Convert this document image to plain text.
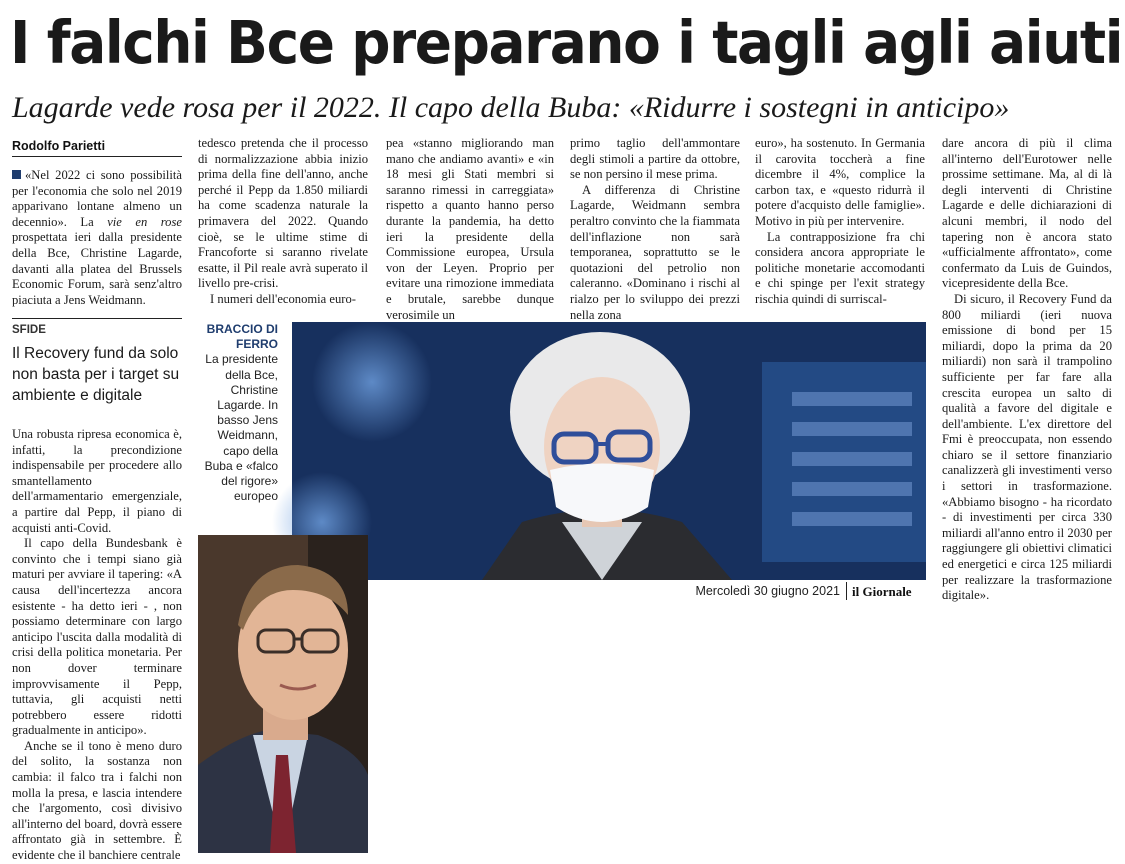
I falchi Bce preparano i tagli agli aiuti
Lagarde vede rosa per il 2022. Il capo della Buba: «Ridurre i sostegni in anticipo»
Rodolfo Parietti

«Nel 2022 ci sono possibilità per l'economia che solo nel 2019 apparivano lontane almeno un decennio». La vie en rose prospettata ieri dalla presidente della Bce, Christine Lagarde, davanti alla platea del Brussels Economic Forum, sarà senz'altro piaciuta a Jens Weidmann.

SFIDE
Il Recovery fund da solo non basta per i target su ambiente e digitale

Una robusta ripresa economica è, infatti, la precondizione indispensabile per procedere allo smantellamento dell'armamentario emergenziale, a partire dal Pepp, il piano di acquisti anti-Covid.

Il capo della Bundesbank è convinto che i tempi siano già maturi per avviare il tapering: «A causa dell'incertezza ancora esistente - ha detto ieri - , non possiamo determinare con largo anticipo l'uscita dalla modalità di crisi della politica monetaria. Per non dover terminare improvvisamente il Pepp, tuttavia, gli acquisti netti potrebbero essere ridotti gradualmente in anticipo».

Anche se il tono è meno duro del solito, la sostanza non cambia: il falco tra i falchi non molla la presa, e lascia intendere che l'argomento, così divisivo all'interno del board, dovrà essere affrontato già in settembre. È evidente che il banchiere centrale

tedesco pretenda che il processo di normalizzazione abbia inizio prima della fine dell'anno, anche perché il Pepp da 1.850 miliardi ha come scadenza naturale la primavera del 2022. Quando cioè, se le ultime stime di Francoforte si saranno rivelate esatte, il Pil reale avrà superato il livello pre-crisi.

I numeri dell'economia euro-

pea «stanno migliorando man mano che andiamo avanti» e «in 18 mesi gli Stati membri si saranno rimessi in carreggiata» rispetto a quanto hanno perso durante la pandemia, ha detto ieri la presidente della Commissione europea, Ursula von der Leyen. Proprio per evitare una rimozione immediata e brutale, sarebbe dunque verosimile un

primo taglio dell'ammontare degli stimoli a partire da ottobre, se non persino il mese prima.

A differenza di Christine Lagarde, Weidmann sembra peraltro convinto che la fiammata dell'inflazione non sarà temporanea, soprattutto se le quotazioni del petrolio non caleranno. «Dominano i rischi al rialzo per lo sviluppo dei prezzi nella zona

euro», ha sostenuto. In Germania il carovita toccherà a fine dicembre il 4%, complice la carbon tax, e «questo ridurrà il potere d'acquisto delle famiglie». Motivo in più per intervenire.

La contrapposizione fra chi considera ancora appropriate le politiche monetarie accomodanti e chi spinge per l'exit strategy rischia quindi di surriscal-

dare ancora di più il clima all'interno dell'Eurotower nelle prossime settimane. Ma, al di là degli interventi di Christine Lagarde e delle dichiarazioni di alcuni membri, il nodo del tapering non è ancora stato «ufficialmente affrontato», come confermato da Luis de Guindos, vicepresidente della Bce.

Di sicuro, il Recovery Fund da 800 miliardi (ieri nuova emissione di bond per 15 miliardi, dopo la prima da 20 miliardi) non sarà il trampolino sufficiente per far fare alla crescita europea un salto di qualità a favore del digitale e dell'ambiente. L'ex direttore del Fmi è preoccupata, non essendo chiaro se il settore finanziario canalizzerà gli investimenti verso i settori in trasformazione. «Abbiamo bisogno - ha ricordato - di investimenti per circa 330 miliardi all'anno entro il 2030 per raggiungere gli obiettivi climatici ed energetici e circa 125 miliardi per realizzare la trasformazione digitale».

BRACCIO DI FERRO
La presidente della Bce, Christine Lagarde. In basso Jens Weidmann, capo della Buba e «falco del rigore» europeo
Mercoledì 30 giugno 2021 il Giornale
